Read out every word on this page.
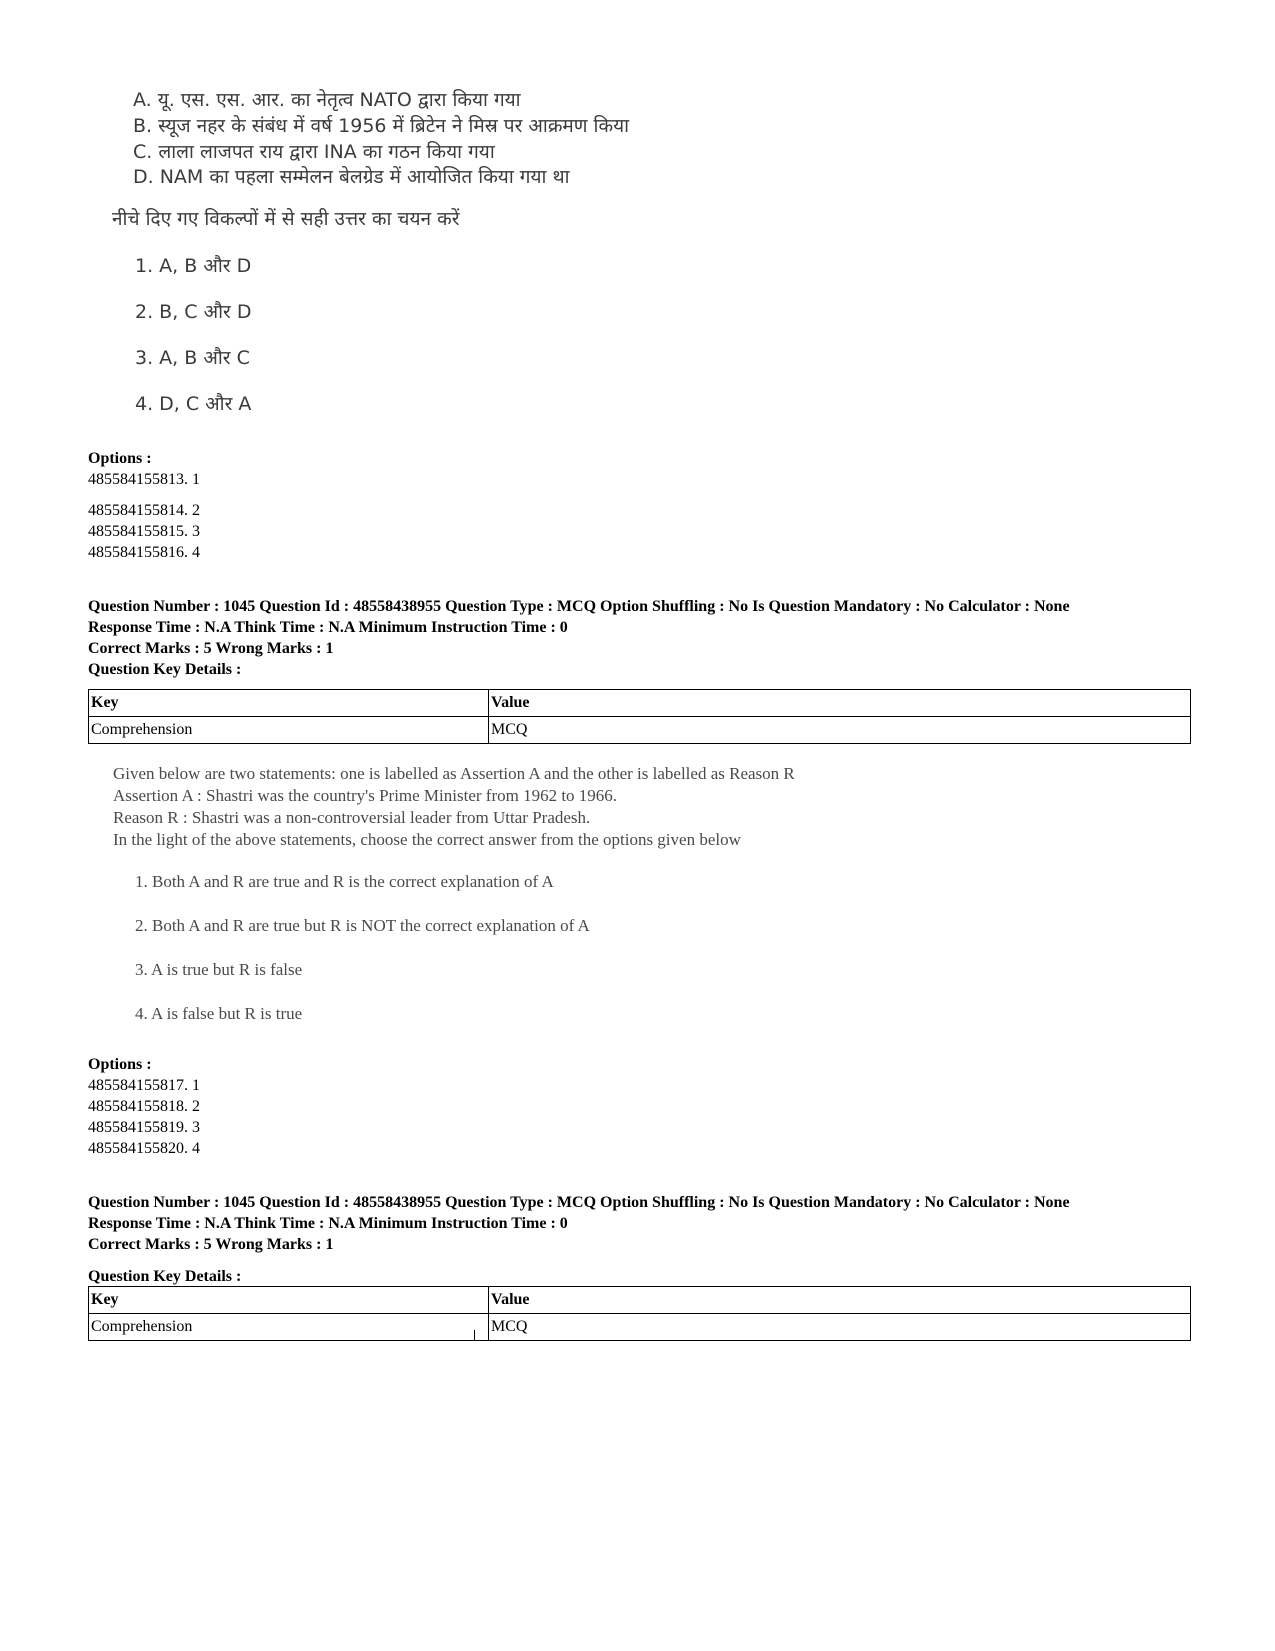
A. यू. एस. एस. आर. का नेतृत्व NATO द्वारा किया गया
B. स्यूज नहर के संबंध में वर्ष 1956 में ब्रिटेन ने मिस्र पर आक्रमण किया
C. लाला लाजपत राय द्वारा INA का गठन किया गया
D. NAM का पहला सम्मेलन बेलग्रेड में आयोजित किया गया था
नीचे दिए गए विकल्पों में से सही उत्तर का चयन करें
1. A, B और D
2. B, C और D
3. A, B और C
4. D, C और A
Options :
485584155813. 1
485584155814. 2
485584155815. 3
485584155816. 4
Question Number : 1045 Question Id : 48558438955 Question Type : MCQ Option Shuffling : No Is Question Mandatory : No Calculator : None
Response Time : N.A Think Time : N.A Minimum Instruction Time : 0
Correct Marks : 5 Wrong Marks : 1
Question Key Details :
Key	Value
Comprehension	MCQ
Given below are two statements: one is labelled as Assertion A and the other is labelled as Reason R
Assertion A : Shastri was the country's Prime Minister from 1962 to 1966.
Reason R : Shastri was a non-controversial leader from Uttar Pradesh.
In the light of the above statements, choose the correct answer from the options given below
1. Both A and R are true and R is the correct explanation of A
2. Both A and R are true but R is NOT the correct explanation of A
3. A is true but R is false
4. A is false but R is true
Options :
485584155817. 1
485584155818. 2
485584155819. 3
485584155820. 4
Question Number : 1045 Question Id : 48558438955 Question Type : MCQ Option Shuffling : No Is Question Mandatory : No Calculator : None
Response Time : N.A Think Time : N.A Minimum Instruction Time : 0
Correct Marks : 5 Wrong Marks : 1
Question Key Details :
Key	Value
Comprehension	MCQ
